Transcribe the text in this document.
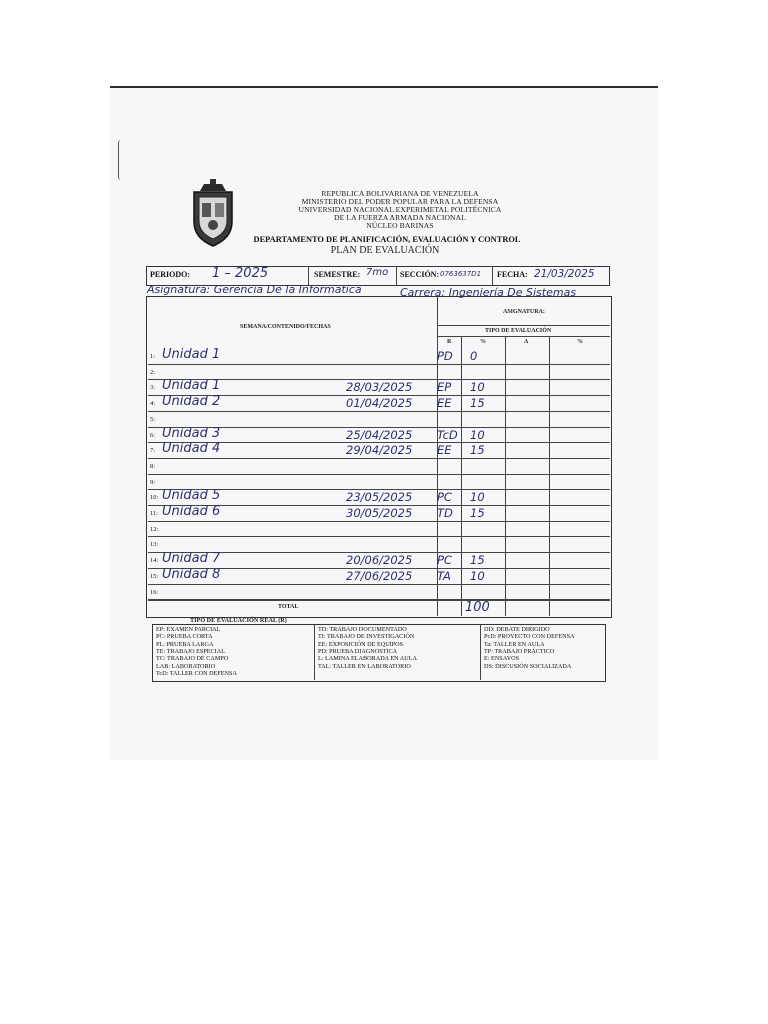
REPUBLICA BOLIVARIANA DE VENEZUELA
MINISTERIO DEL PODER POPULAR PARA LA DEFENSA
UNIVERSIDAD NACIONAL EXPERIMETAL POLITÉCNICA
DE LA FUERZA ARMADA NACIONAL
NÚCLEO BARINAS
DEPARTAMENTO DE PLANIFICACIÓN, EVALUACIÓN Y CONTROL
PLAN DE EVALUACIÓN
PERIODO: 1 – 2025	SEMESTRE: 7mo SECCIÓN: 0763637D1 FECHA: 21/03/2025
Asignatura: Gerencia De la Informatica	Carrera: Ingeniería De Sistemas
SEMANA/CONTENIDO/FECHAS
ASIGNATURA:
TIPO DE EVALUACIÓN
R	%	A	%
1: Unidad 1	PD 0
2:
3: Unidad 1	28/03/2025 EP 10
4: Unidad 2	01/04/2025 EE 15
5:
6: Unidad 3	25/04/2025 TcD 10
7: Unidad 4	29/04/2025 EE 15
8:
9:
10: Unidad 5	23/05/2025 PC 10
11: Unidad 6	30/05/2025 TD 15
12:
13:
14: Unidad 7	20/06/2025 PC 15
15: Unidad 8	27/06/2025 TA 10
16:
TOTAL	100
TIPO DE EVALUACIÓN REAL (R)
EP: EXAMEN PARCIAL
PC: PRUEBA CORTA
PL: PRUEBA LARGA
TE: TRABAJO ESPECIAL
TC: TRABAJO DE CAMPO
LAB: LABORATORIO
TcD: TALLER CON DEFENSA
TD: TRABAJO DOCUMENTADO
TI: TRABAJO DE INVESTIGACIÓN
EE: EXPOSICIÓN DE EQUIPOS
PD: PRUEBA DIAGNOSTICA
L: LAMINA ELABORADA EN AULA
TAL: TALLER EN LABORATORIO
DD: DEBATE DIRIGIDO
PcD: PROYECTO CON DEFENSA
Ta: TALLER EN AULA
TP: TRABAJO PRÁCTICO
E: ENSAYOS
DS: DISCUSIÓN SOCIALIZADA
